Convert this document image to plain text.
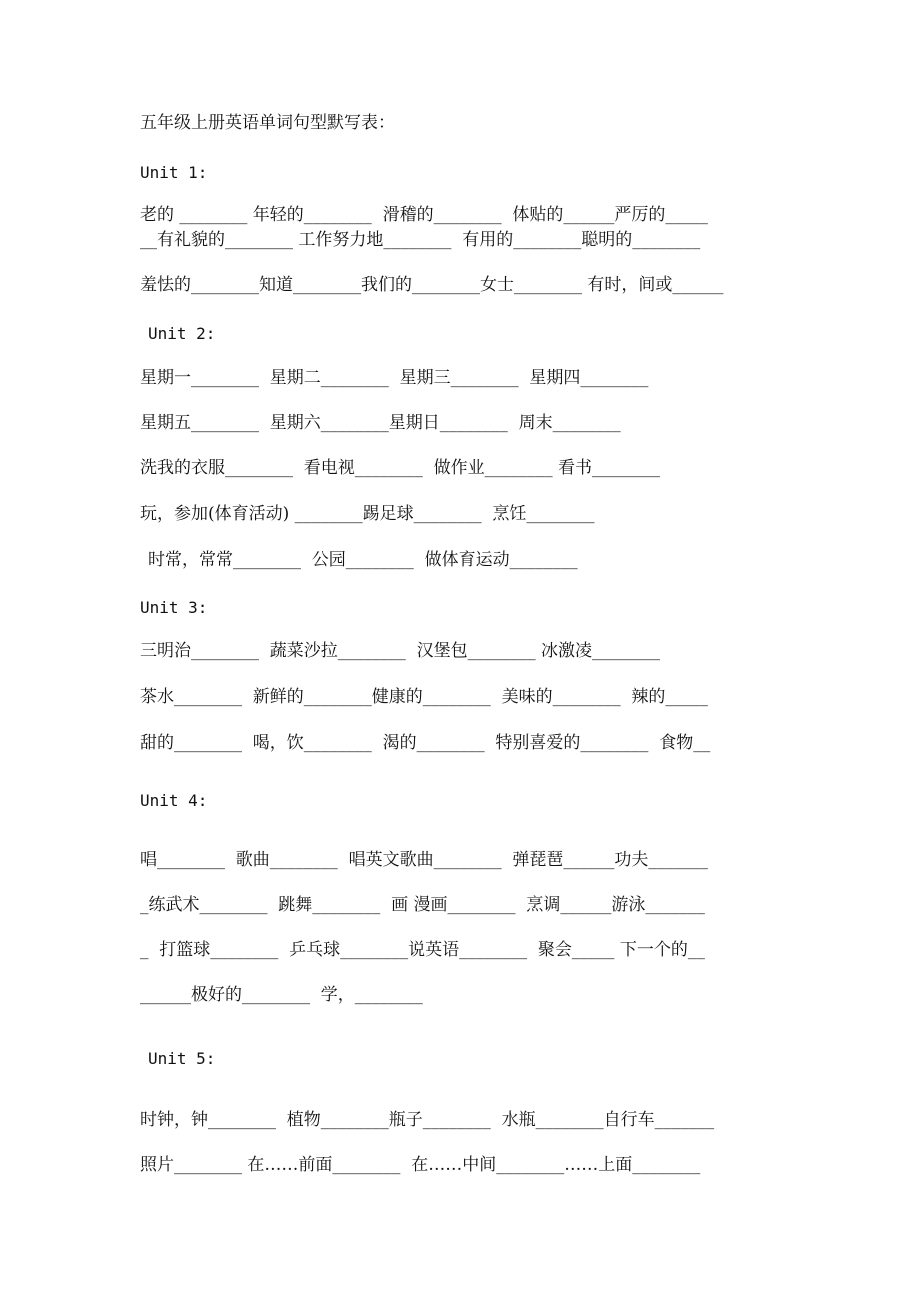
五年级上册英语单词句型默写表：
Unit 1:
老的 ________ 年轻的________  滑稽的________  体贴的______严厉的_____
__有礼貌的________ 工作努力地________  有用的________聪明的________
羞怯的________知道________我们的________女士________ 有时，间或______
Unit 2:
星期一________  星期二________  星期三________  星期四________
星期五________  星期六________星期日________  周末________
洗我的衣服________  看电视________  做作业________ 看书________
玩，参加(体育活动) ________踢足球________  烹饪________
时常，常常________  公园________  做体育运动________
Unit 3:
三明治________  蔬菜沙拉________  汉堡包________ 冰激凌________
茶水________  新鲜的________健康的________  美味的________  辣的_____
甜的________  喝，饮________  渴的________  特别喜爱的________  食物__
Unit 4:
唱________  歌曲________  唱英文歌曲________  弹琵琶______功夫_______
_练武术________  跳舞________  画 漫画________  烹调______游泳_______
_  打篮球________  乒乓球________说英语________  聚会_____ 下一个的__
______极好的________  学，________
Unit 5:
时钟，钟________  植物________瓶子________  水瓶________自行车_______
照片________ 在……前面________  在……中间________……上面________
